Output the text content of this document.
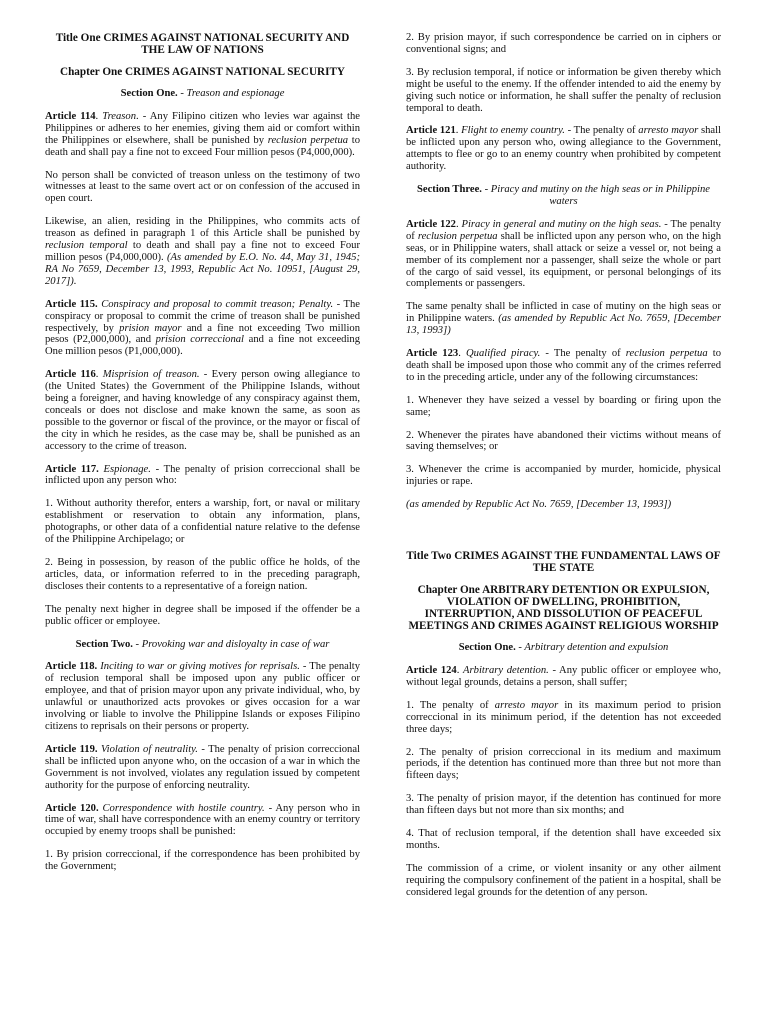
Title One CRIMES AGAINST NATIONAL SECURITY AND THE LAW OF NATIONS
Chapter One CRIMES AGAINST NATIONAL SECURITY
Section One. - Treason and espionage

Article 114. Treason. - Any Filipino citizen who levies war against the Philippines or adheres to her enemies, giving them aid or comfort within the Philippines or elsewhere, shall be punished by reclusion perpetua to death and shall pay a fine not to exceed Four million pesos (P4,000,000).

No person shall be convicted of treason unless on the testimony of two witnesses at least to the same overt act or on confession of the accused in open court.

Likewise, an alien, residing in the Philippines, who commits acts of treason as defined in paragraph 1 of this Article shall be punished by reclusion temporal to death and shall pay a fine not to exceed Four million pesos (P4,000,000). (As amended by E.O. No. 44, May 31, 1945; RA No 7659, December 13, 1993, Republic Act No. 10951, [August 29, 2017]).

Article 115. Conspiracy and proposal to commit treason; Penalty. - The conspiracy or proposal to commit the crime of treason shall be punished respectively, by prision mayor and a fine not exceeding Two million pesos (P2,000,000), and prision correccional and a fine not exceeding One million pesos (P1,000,000).

Article 116. Misprision of treason. - Every person owing allegiance to (the United States) the Government of the Philippine Islands, without being a foreigner, and having knowledge of any conspiracy against them, conceals or does not disclose and make known the same, as soon as possible to the governor or fiscal of the province, or the mayor or fiscal of the city in which he resides, as the case may be, shall be punished as an accessory to the crime of treason.

Article 117. Espionage. - The penalty of prision correccional shall be inflicted upon any person who:

1. Without authority therefor, enters a warship, fort, or naval or military establishment or reservation to obtain any information, plans, photographs, or other data of a confidential nature relative to the defense of the Philippine Archipelago; or

2. Being in possession, by reason of the public office he holds, of the articles, data, or information referred to in the preceding paragraph, discloses their contents to a representative of a foreign nation.

The penalty next higher in degree shall be imposed if the offender be a public officer or employee.

Section Two. - Provoking war and disloyalty in case of war

Article 118. Inciting to war or giving motives for reprisals. - The penalty of reclusion temporal shall be imposed upon any public officer or employee, and that of prision mayor upon any private individual, who, by unlawful or unauthorized acts provokes or gives occasion for a war involving or liable to involve the Philippine Islands or exposes Filipino citizens to reprisals on their persons or property.

Article 119. Violation of neutrality. - The penalty of prision correccional shall be inflicted upon anyone who, on the occasion of a war in which the Government is not involved, violates any regulation issued by competent authority for the purpose of enforcing neutrality.

Article 120. Correspondence with hostile country. - Any person who in time of war, shall have correspondence with an enemy country or territory occupied by enemy troops shall be punished:

1. By prision correccional, if the correspondence has been prohibited by the Government;

2. By prision mayor, if such correspondence be carried on in ciphers or conventional signs; and

3. By reclusion temporal, if notice or information be given thereby which might be useful to the enemy. If the offender intended to aid the enemy by giving such notice or information, he shall suffer the penalty of reclusion temporal to death.

Article 121. Flight to enemy country. - The penalty of arresto mayor shall be inflicted upon any person who, owing allegiance to the Government, attempts to flee or go to an enemy country when prohibited by competent authority.

Section Three. - Piracy and mutiny on the high seas or in Philippine waters

Article 122. Piracy in general and mutiny on the high seas. - The penalty of reclusion perpetua shall be inflicted upon any person who, on the high seas, or in Philippine waters, shall attack or seize a vessel or, not being a member of its complement nor a passenger, shall seize the whole or part of the cargo of said vessel, its equipment, or personal belongings of its complements or passengers.

The same penalty shall be inflicted in case of mutiny on the high seas or in Philippine waters. (as amended by Republic Act No. 7659, [December 13, 1993])

Article 123. Qualified piracy. - The penalty of reclusion perpetua to death shall be imposed upon those who commit any of the crimes referred to in the preceding article, under any of the following circumstances:

1. Whenever they have seized a vessel by boarding or firing upon the same;

2. Whenever the pirates have abandoned their victims without means of saving themselves; or

3. Whenever the crime is accompanied by murder, homicide, physical injuries or rape.

(as amended by Republic Act No. 7659, [December 13, 1993])

Title Two CRIMES AGAINST THE FUNDAMENTAL LAWS OF THE STATE
Chapter One ARBITRARY DETENTION OR EXPULSION, VIOLATION OF DWELLING, PROHIBITION, INTERRUPTION, AND DISSOLUTION OF PEACEFUL MEETINGS AND CRIMES AGAINST RELIGIOUS WORSHIP
Section One. - Arbitrary detention and expulsion

Article 124. Arbitrary detention. - Any public officer or employee who, without legal grounds, detains a person, shall suffer;

1. The penalty of arresto mayor in its maximum period to prision correccional in its minimum period, if the detention has not exceeded three days;

2. The penalty of prision correccional in its medium and maximum periods, if the detention has continued more than three but not more than fifteen days;

3. The penalty of prision mayor, if the detention has continued for more than fifteen days but not more than six months; and

4. That of reclusion temporal, if the detention shall have exceeded six months.

The commission of a crime, or violent insanity or any other ailment requiring the compulsory confinement of the patient in a hospital, shall be considered legal grounds for the detention of any person.
